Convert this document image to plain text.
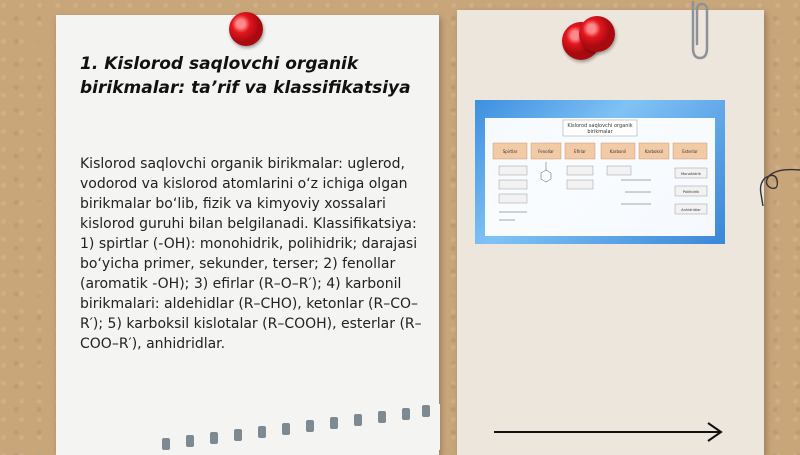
1. Kislorod saqlovchi organik birikmalar: ta’rif va klassifikatsiya
Kislorod saqlovchi organik birikmalar: uglerod, vodorod va kislorod atomlarini o‘z ichiga olgan birikmalar bo‘lib, fizik va kimyoviy xossalari kislorod guruhi bilan belgilanadi. Klassifikatsiya: 1) spirtlar (-OH): monohidrik, polihidrik; darajasi bo‘yicha primer, sekunder, terser; 2) fenollar (aromatik -OH); 3) efirlar (R–O–R′); 4) karbonil birikmalari: aldehidlar (R–CHO), ketonlar (R–CO–R′); 5) karboksil kislotalar (R–COOH), esterlar (R–COO–R′), anhidridlar.
Kislorod saqlovchi organik
birikmalar
Spirtlar	Fenollar	Efirlar	Karbonil	Karboksil	Esterlar
Monohidrik
Polihidrik
Anhidridlar
